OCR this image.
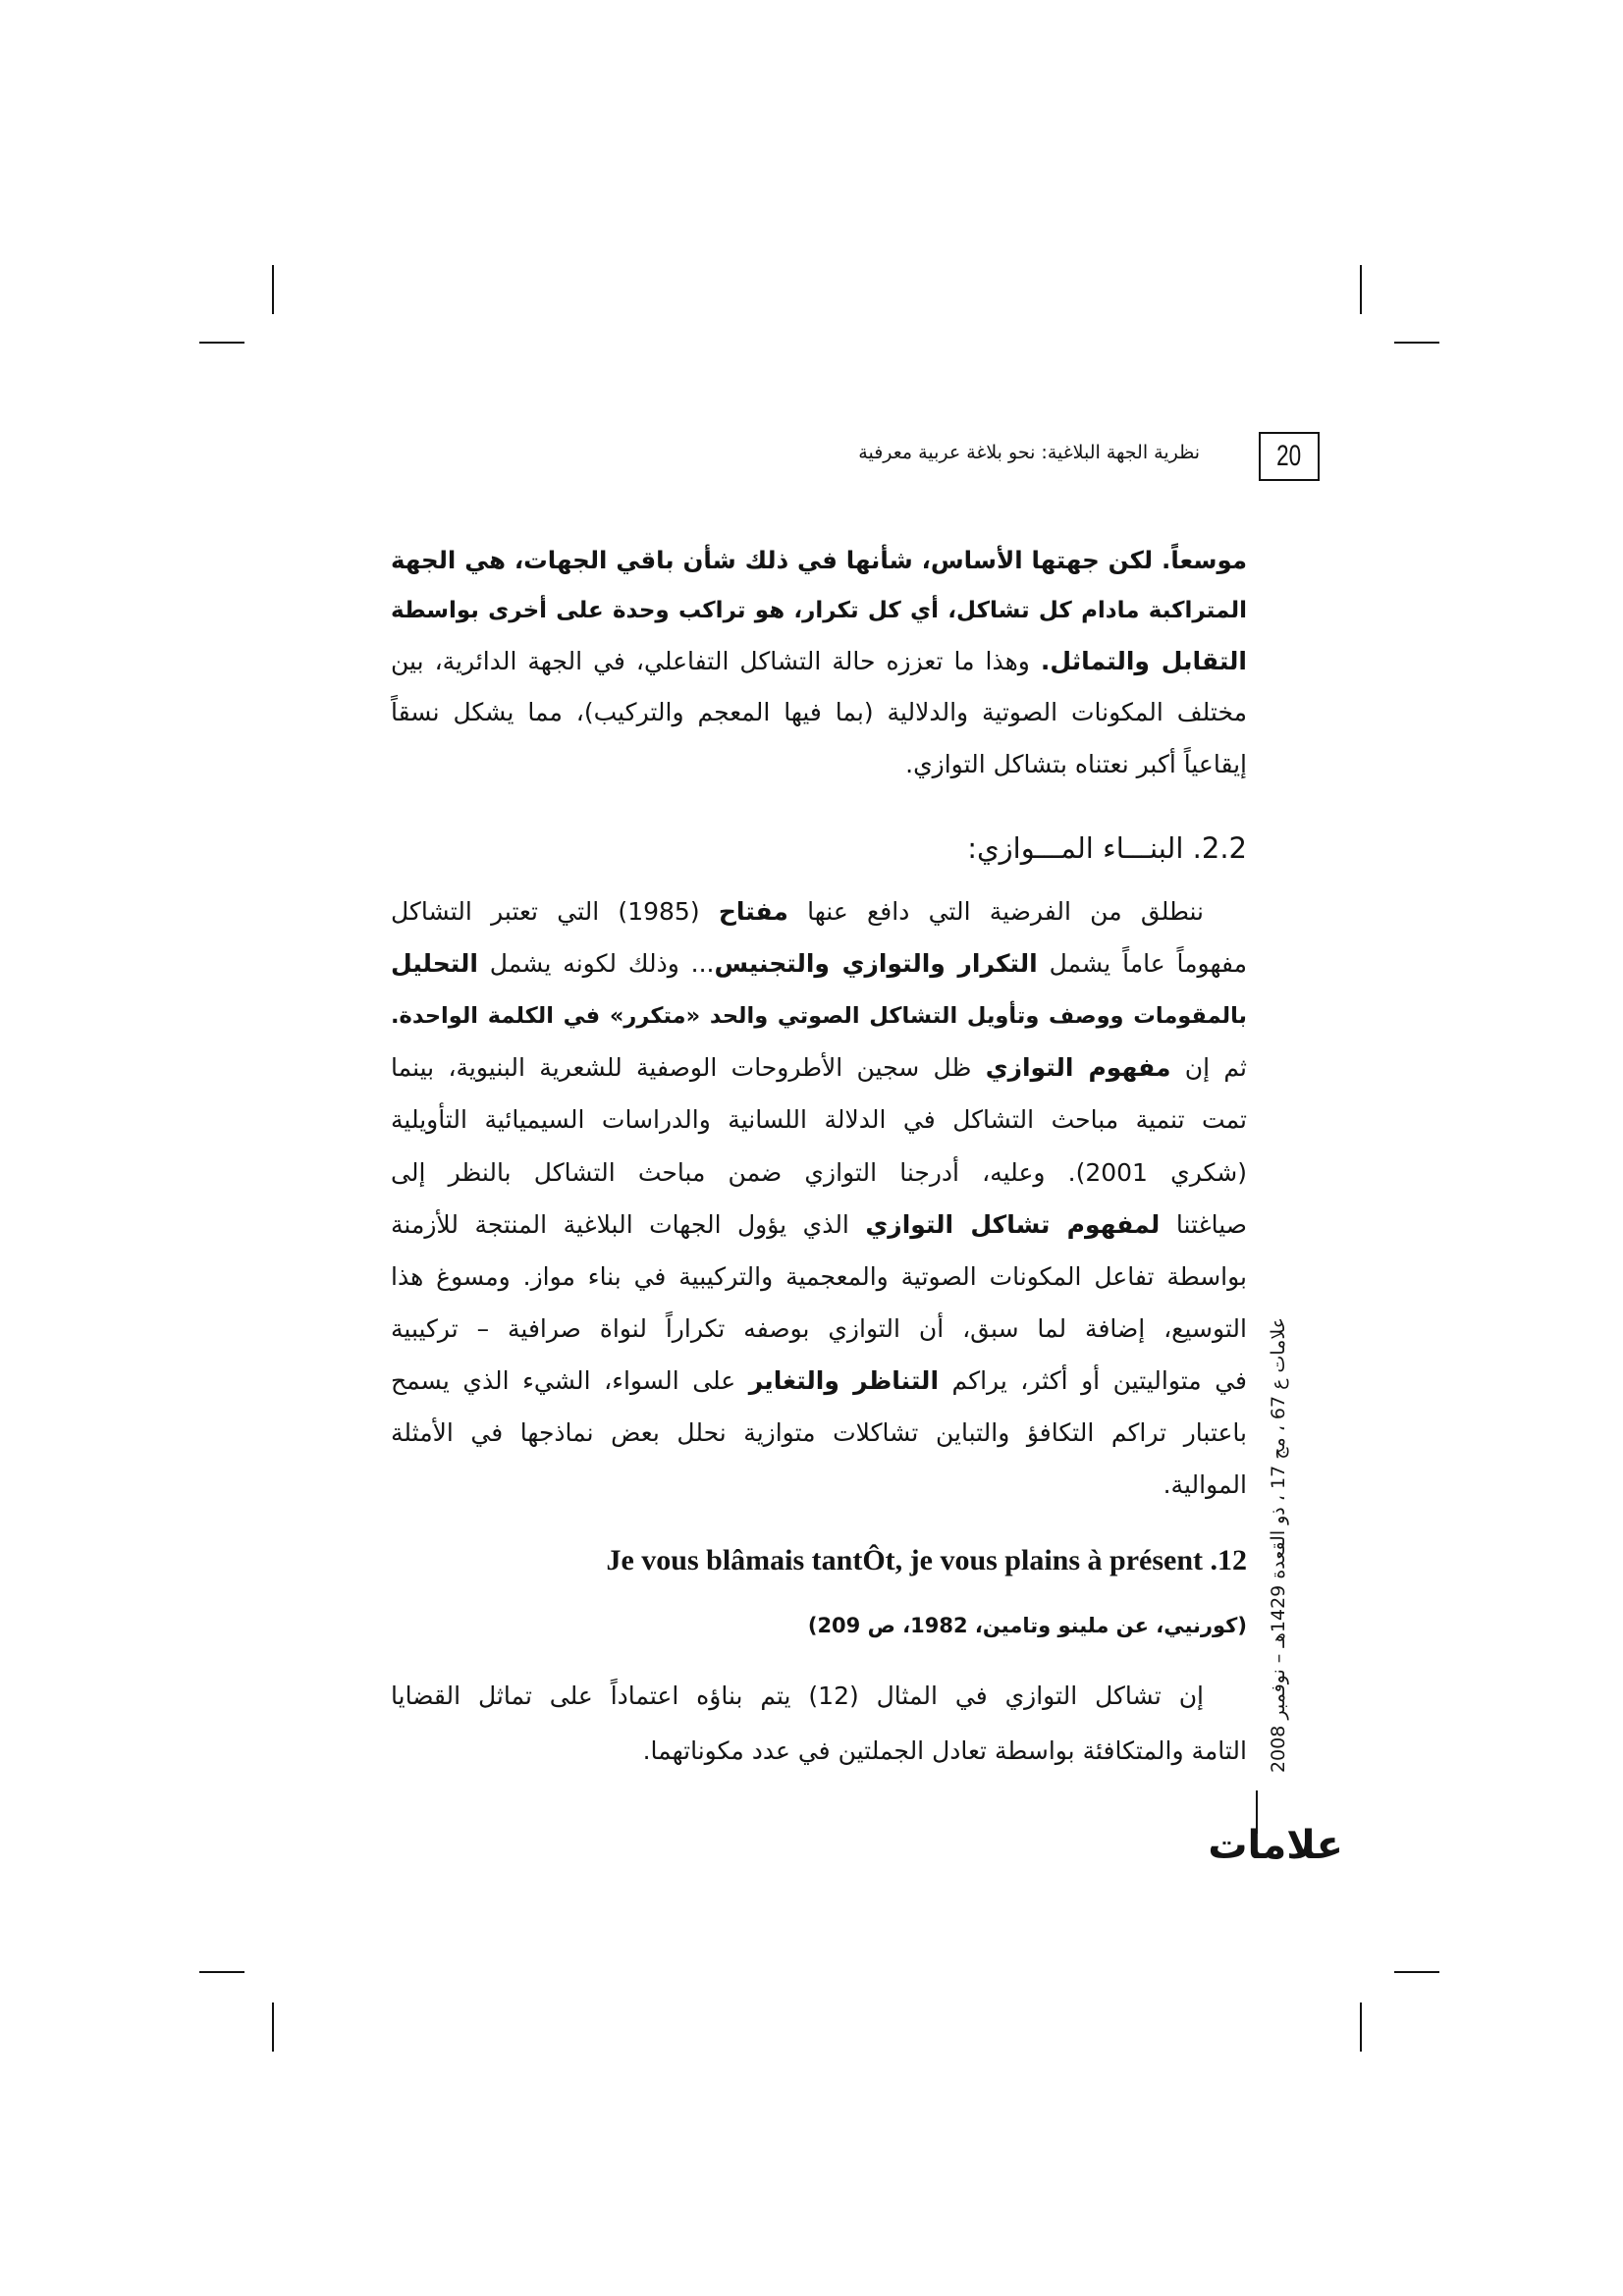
20
نظرية الجهة البلاغية: نحو بلاغة عربية معرفية
موسعاً. لكن جهتها الأساس، شأنها في ذلك شأن باقي الجهات، هي الجهة
المتراكبة مادام كل تشاكل، أي كل تكرار، هو تراكب وحدة على أخرى بواسطة
التقابل والتماثل. وهذا ما تعززه حالة التشاكل التفاعلي، في الجهة الدائرية، بين
مختلف المكونات الصوتية والدلالية (بما فيها المعجم والتركيب)، مما يشكل نسقاً
إيقاعياً أكبر نعتناه بتشاكل التوازي.
2.2. البنـــاء المـــوازي:
ننطلق من الفرضية التي دافع عنها مفتاح (1985) التي تعتبر التشاكل
مفهوماً عاماً يشمل التكرار والتوازي والتجنيس... وذلك لكونه يشمل التحليل
بالمقومات ووصف وتأويل التشاكل الصوتي والحد «متكرر» في الكلمة الواحدة.
ثم إن مفهوم التوازي ظل سجين الأطروحات الوصفية للشعرية البنيوية، بينما
تمت تنمية مباحث التشاكل في الدلالة اللسانية والدراسات السيميائية التأويلية
(شكري 2001). وعليه، أدرجنا التوازي ضمن مباحث التشاكل بالنظر إلى
صياغتنا لمفهوم تشاكل التوازي الذي يؤول الجهات البلاغية المنتجة للأزمنة
بواسطة تفاعل المكونات الصوتية والمعجمية والتركيبية في بناء مواز. ومسوغ هذا
التوسيع، إضافة لما سبق، أن التوازي بوصفه تكراراً لنواة صرافية – تركيبية
في متواليتين أو أكثر، يراكم التناظر والتغاير على السواء، الشيء الذي يسمح
باعتبار تراكم التكافؤ والتباين تشاكلات متوازية نحلل بعض نماذجها في الأمثلة
الموالية.
Je vous blâmais tantÔt, je vous plains à présent .12
(كورنيي، عن ملينو وتامين، 1982، ص 209)
إن تشاكل التوازي في المثال (12) يتم بناؤه اعتماداً على تماثل القضايا
التامة والمتكافئة بواسطة تعادل الجملتين في عدد مكوناتهما. علامات ع 67 ، مج 17 ، ذو القعدة 1429هـ – نوفمبر 2008
علامات
